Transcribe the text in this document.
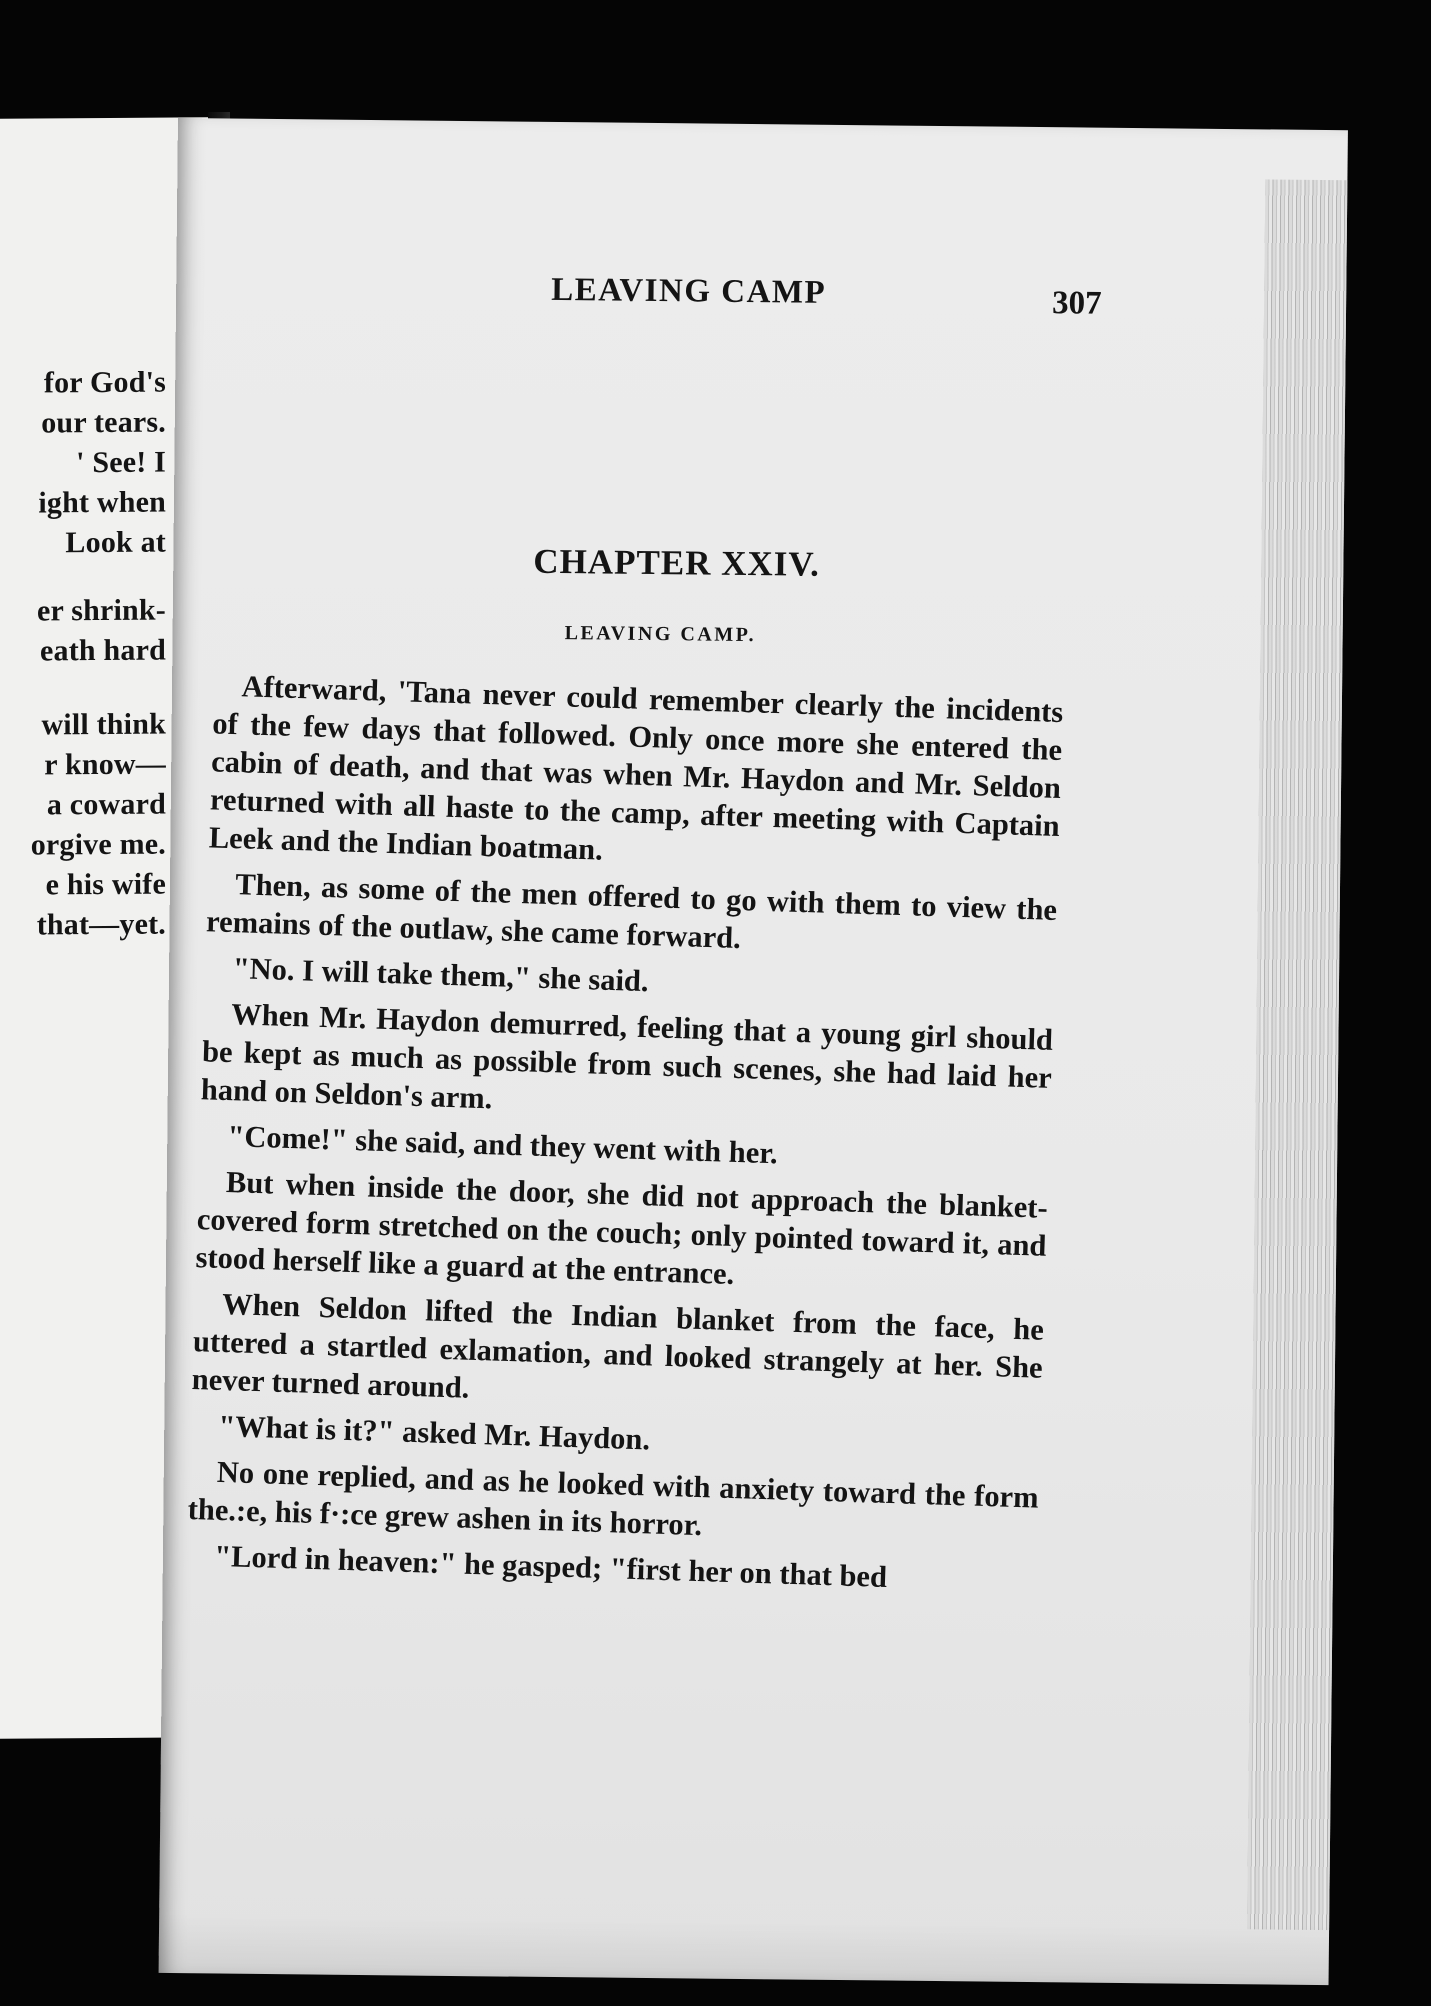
for God's
our tears.
' See! I
ight when
Look at
er shrink-
eath hard
will think
r know—
a coward
orgive me.
e his wife
that—yet.
LEAVING CAMP	307
CHAPTER XXIV.
LEAVING CAMP.

Afterward, 'Tana never could remember clearly the incidents of the few days that followed. Only once more she entered the cabin of death, and that was when Mr. Haydon and Mr. Seldon returned with all haste to the camp, after meeting with Captain Leek and the Indian boatman.

Then, as some of the men offered to go with them to view the remains of the outlaw, she came forward.

"No. I will take them," she said.

When Mr. Haydon demurred, feeling that a young girl should be kept as much as possible from such scenes, she had laid her hand on Seldon's arm.

"Come!" she said, and they went with her.

But when inside the door, she did not approach the blanket-covered form stretched on the couch; only pointed toward it, and stood herself like a guard at the entrance.

When Seldon lifted the Indian blanket from the face, he uttered a startled exlamation, and looked strangely at her. She never turned around.

"What is it?" asked Mr. Haydon.

No one replied, and as he looked with anxiety toward the form the.:e, his f·:ce grew ashen in its horror.

"Lord in heaven:" he gasped; "first her on that bed
